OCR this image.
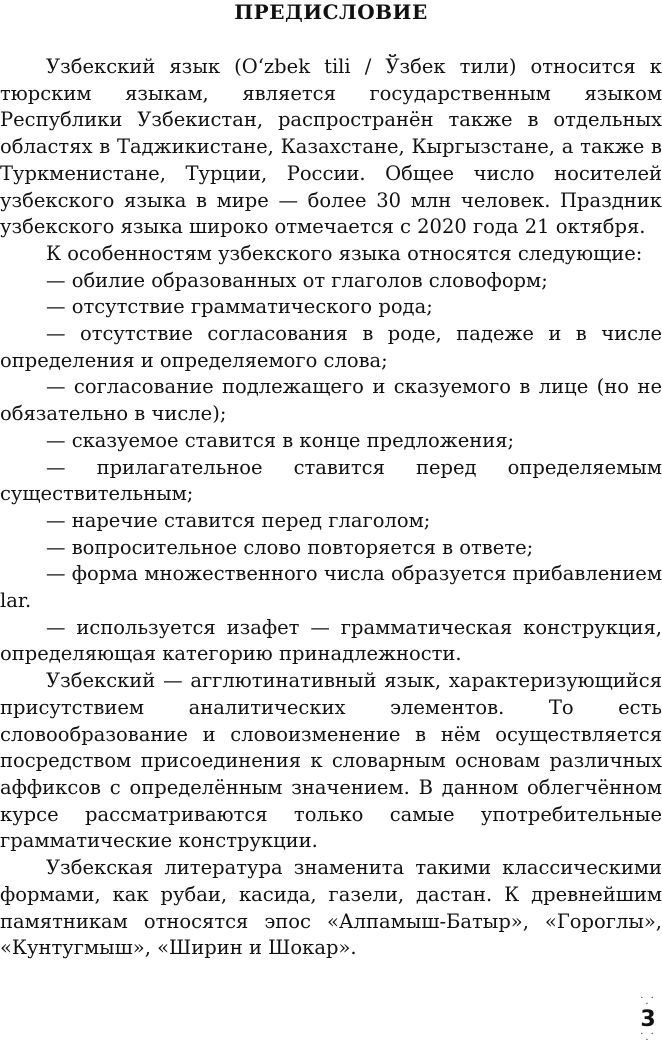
ПРЕДИСЛОВИЕ

Узбекский язык (Oʻzbek tili / Ўзбек тили) относится к тюрским языкам, является государственным языком Республики Узбекистан, распространён также в отдельных областях в Таджикистане, Казахстане, Кыргызстане, а также в Туркменистане, Турции, России. Общее число носителей узбекского языка в мире — более 30 млн человек. Праздник узбекского языка широко отмечается с 2020 года 21 октября.

К особенностям узбекского языка относятся следующие:

— обилие образованных от глаголов словоформ;

— отсутствие грамматического рода;

— отсутствие согласования в роде, падеже и в числе определения и определяемого слова;

— согласование подлежащего и сказуемого в лице (но не обязательно в числе);

— сказуемое ставится в конце предложения;

— прилагательное ставится перед определяемым существительным;

— наречие ставится перед глаголом;

— вопросительное слово повторяется в ответе;

— форма множественного числа образуется прибавлением lar.

— используется изафет — грамматическая конструкция, определяющая категорию принадлежности.

Узбекский — агглютинативный язык, характеризующийся присутствием аналитических элементов. То есть словообразование и словоизменение в нём осуществляется посредством присоединения к словарным основам различных аффиксов с определённым значением. В данном облегчённом курсе рассматриваются только самые употребительные грамматические конструкции.

Узбекская литература знаменита такими классическими формами, как рубаи, касида, газели, дастан. К древнейшим памятникам относятся эпос «Алпамыш-Батыр», «Гороглы», «Кунтугмыш», «Ширин и Шокар».

· · ·
3
· · ·
